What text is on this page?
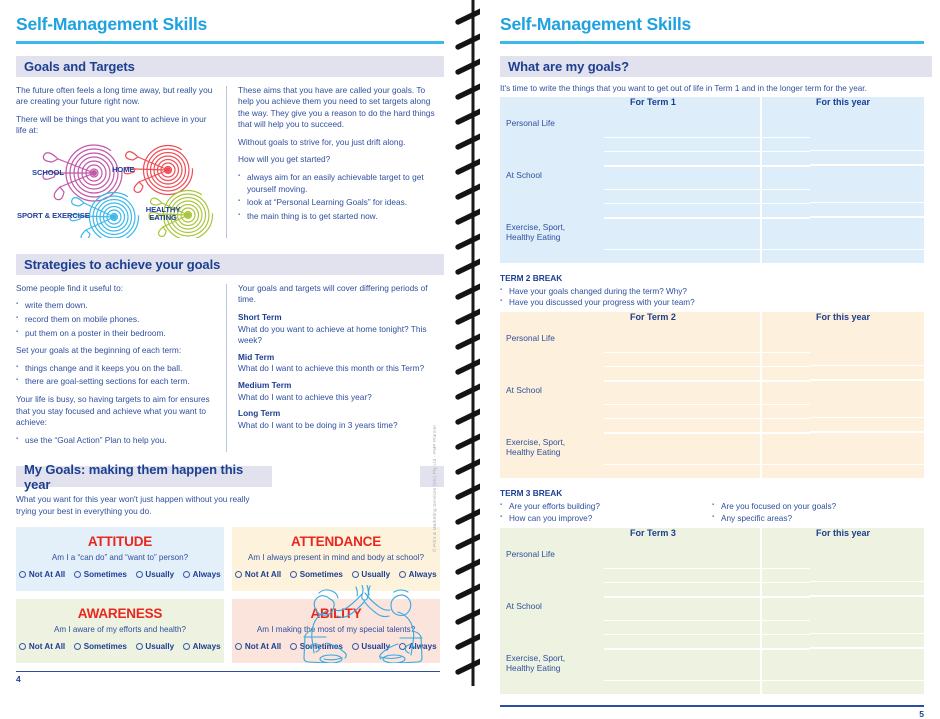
Self-Management Skills
Goals and Targets

The future often feels a long time away, but really you are creating your future right now.

There will be things that you want to achieve in your life at:

SCHOOL	HOME
SPORT & EXERCISE
HEALTHY
EATING

These aims that you have are called your goals. To help you achieve them you need to set targets along the way. They give you a reason to do the hard things that will help you to succeed.

Without goals to strive for, you just drift along.

How will you get started?

▪ always aim for an easily achievable target to get yourself moving.
▪ look at “Personal Learning Goals” for ideas.
▪ the main thing is to get started now.
Strategies to achieve your goals

Some people find it useful to:

▪ write them down.
▪ record them on mobile phones.
▪ put them on a poster in their bedroom.

Set your goals at the beginning of each term:

▪ things change and it keeps you on the ball.
▪ there are goal-setting sections for each term.

Your life is busy, so having targets to aim for ensures that you stay focused and achieve what you want to achieve:

▪ use the “Goal Action” Plan to help you.

Your goals and targets will cover differing periods of time.

Short Term
What do you want to achieve at home tonight? This week?
Mid Term
What do I want to achieve this month or this Term?
Medium Term
What do I want to achieve this year?
Long Term
What do I want to be doing in 3 years time?
My Goals: making them happen this year
What you want for this year won't just happen without you really trying your best in everything you do.
ATTITUDE
Am I a “can do” and “want to” person?
Not At All Sometimes Usually Always
ATTENDANCE
Am I always present in mind and body at school?
Not At All Sometimes Usually Always
AWARENESS
Am I aware of my efforts and health?
Not At All Sometimes Usually Always
ABILITY
Am I making the most of my special talents?
Not At All Sometimes Usually Always
4
© Print & Marketing Services (Vic) Pty Ltd - PMP Planner
Self-Management Skills
What are my goals?
It's time to write the things that you want to get out of life in Term 1 and in the longer term for the year.
	For Term 1	For this year
Personal Life	

At School	

Exercise, Sport,
Healthy Eating	

TERM 2 BREAK
▪ Have your goals changed during the term? Why?
▪ Have you discussed your progress with your team?
	For Term 2	For this year
Personal Life	

At School	

Exercise, Sport,
Healthy Eating	

TERM 3 BREAK
▪ Are your efforts building?
▪ How can you improve?
▪ Are you focused on your goals?
▪ Any specific areas?
	For Term 3	For this year
Personal Life	

At School	

Exercise, Sport,
Healthy Eating	

5
